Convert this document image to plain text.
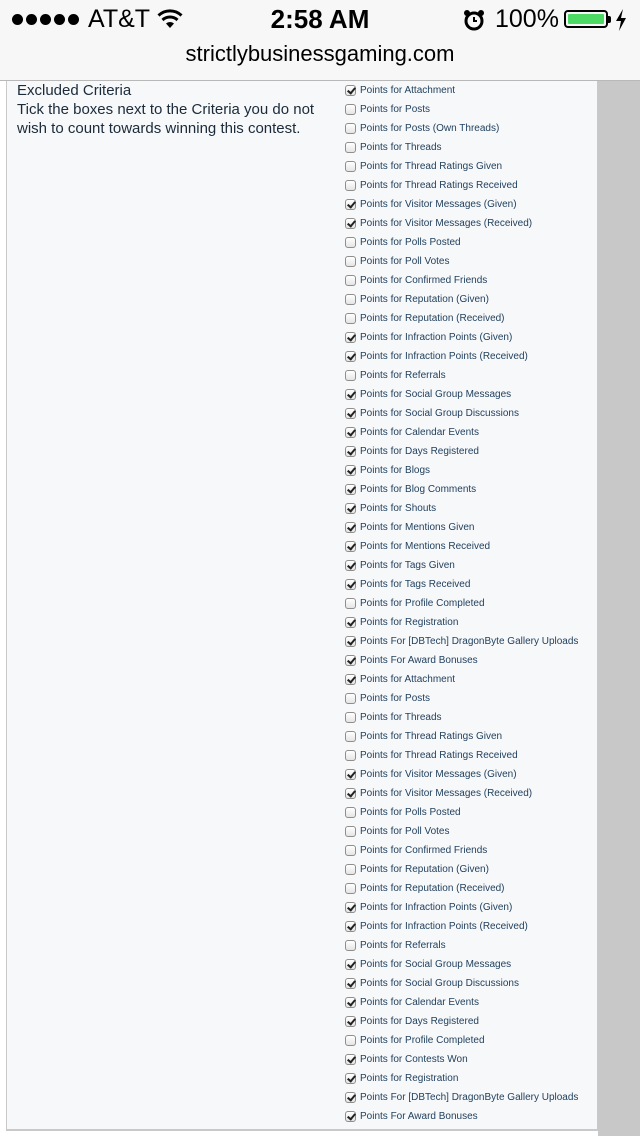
AT&T	2:58 AM	100%
strictlybusinessgaming.com
Excluded Criteria
Tick the boxes next to the Criteria you do not wish to count towards winning this contest.
Points for Attachment
Points for Posts
Points for Posts (Own Threads)
Points for Threads
Points for Thread Ratings Given
Points for Thread Ratings Received
Points for Visitor Messages (Given)
Points for Visitor Messages (Received)
Points for Polls Posted
Points for Poll Votes
Points for Confirmed Friends
Points for Reputation (Given)
Points for Reputation (Received)
Points for Infraction Points (Given)
Points for Infraction Points (Received)
Points for Referrals
Points for Social Group Messages
Points for Social Group Discussions
Points for Calendar Events
Points for Days Registered
Points for Blogs
Points for Blog Comments
Points for Shouts
Points for Mentions Given
Points for Mentions Received
Points for Tags Given
Points for Tags Received
Points for Profile Completed
Points for Registration
Points For [DBTech] DragonByte Gallery Uploads
Points For Award Bonuses
Points for Attachment
Points for Posts
Points for Threads
Points for Thread Ratings Given
Points for Thread Ratings Received
Points for Visitor Messages (Given)
Points for Visitor Messages (Received)
Points for Polls Posted
Points for Poll Votes
Points for Confirmed Friends
Points for Reputation (Given)
Points for Reputation (Received)
Points for Infraction Points (Given)
Points for Infraction Points (Received)
Points for Referrals
Points for Social Group Messages
Points for Social Group Discussions
Points for Calendar Events
Points for Days Registered
Points for Profile Completed
Points for Contests Won
Points for Registration
Points For [DBTech] DragonByte Gallery Uploads
Points For Award Bonuses
